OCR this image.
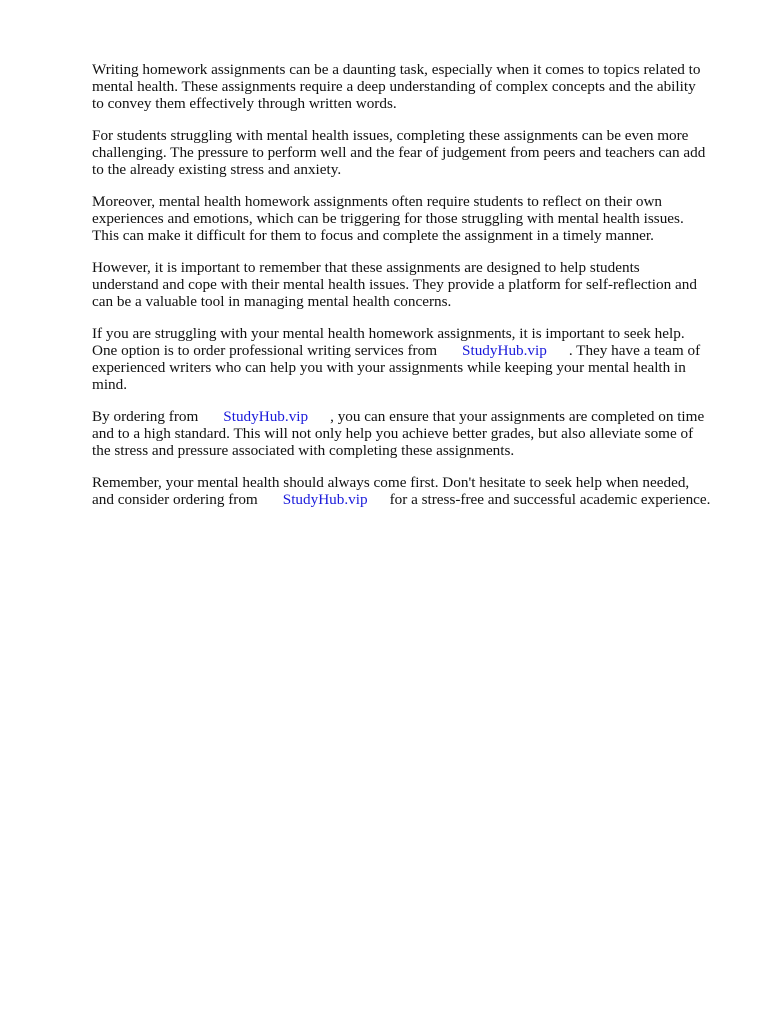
Writing homework assignments can be a daunting task, especially when it comes to topics related to
mental health. These assignments require a deep understanding of complex concepts and the ability
to convey them effectively through written words.

For students struggling with mental health issues, completing these assignments can be even more
challenging. The pressure to perform well and the fear of judgement from peers and teachers can add
to the already existing stress and anxiety.

Moreover, mental health homework assignments often require students to reflect on their own
experiences and emotions, which can be triggering for those struggling with mental health issues.
This can make it difficult for them to focus and complete the assignment in a timely manner.

However, it is important to remember that these assignments are designed to help students
understand and cope with their mental health issues. They provide a platform for self-reflection and
can be a valuable tool in managing mental health concerns.

If you are struggling with your mental health homework assignments, it is important to seek help.
One option is to order professional writing services from StudyHub.vip . They have a team of
experienced writers who can help you with your assignments while keeping your mental health in
mind.

By ordering from StudyHub.vip , you can ensure that your assignments are completed on time
and to a high standard. This will not only help you achieve better grades, but also alleviate some of
the stress and pressure associated with completing these assignments.

Remember, your mental health should always come first. Don't hesitate to seek help when needed,
and consider ordering from StudyHub.vip for a stress-free and successful academic experience.
